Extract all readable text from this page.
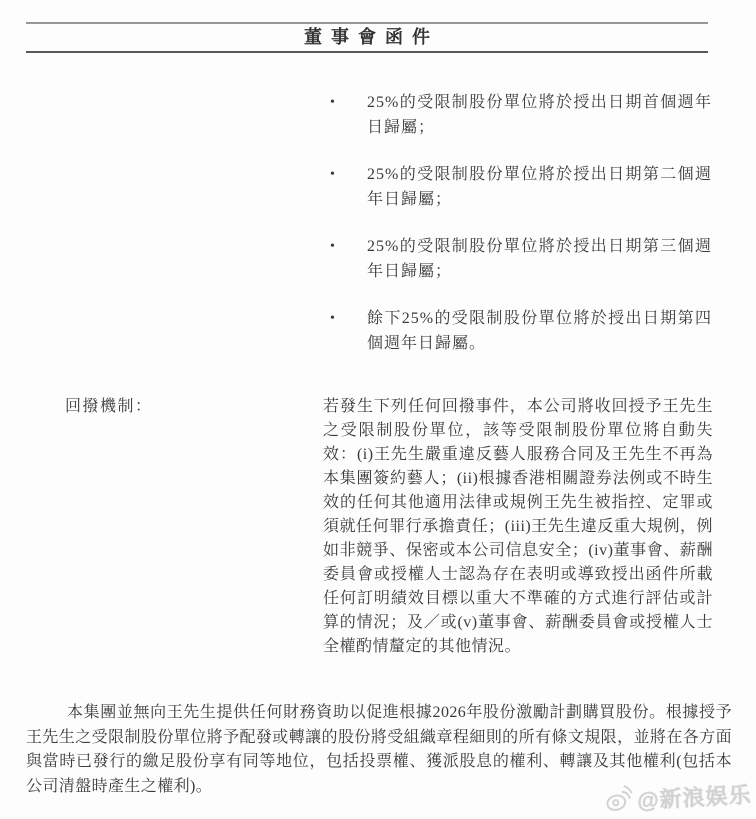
董事會函件
•	25%的受限制股份單位將於授出日期首個週年日歸屬；
•	25%的受限制股份單位將於授出日期第二個週年日歸屬；
•	25%的受限制股份單位將於授出日期第三個週年日歸屬；
•	餘下25%的受限制股份單位將於授出日期第四個週年日歸屬。
回撥機制：	若發生下列任何回撥事件，本公司將收回授予王先生之受限制股份單位，該等受限制股份單位將自動失效：(i)王先生嚴重違反藝人服務合同及王先生不再為本集團簽約藝人；(ii)根據香港相關證券法例或不時生效的任何其他適用法律或規例王先生被指控、定罪或須就任何罪行承擔責任；(iii)王先生違反重大規例，例如非競爭、保密或本公司信息安全；(iv)董事會、薪酬委員會或授權人士認為存在表明或導致授出函件所載任何訂明績效目標以重大不準確的方式進行評估或計算的情況；及／或(v)董事會、薪酬委員會或授權人士全權酌情釐定的其他情況。

本集團並無向王先生提供任何財務資助以促進根據2026年股份激勵計劃購買股份。根據授予王先生之受限制股份單位將予配發或轉讓的股份將受組織章程細則的所有條文規限，並將在各方面與當時已發行的繳足股份享有同等地位，包括投票權、獲派股息的權利、轉讓及其他權利(包括本公司清盤時產生之權利)。	@新浪娱乐
